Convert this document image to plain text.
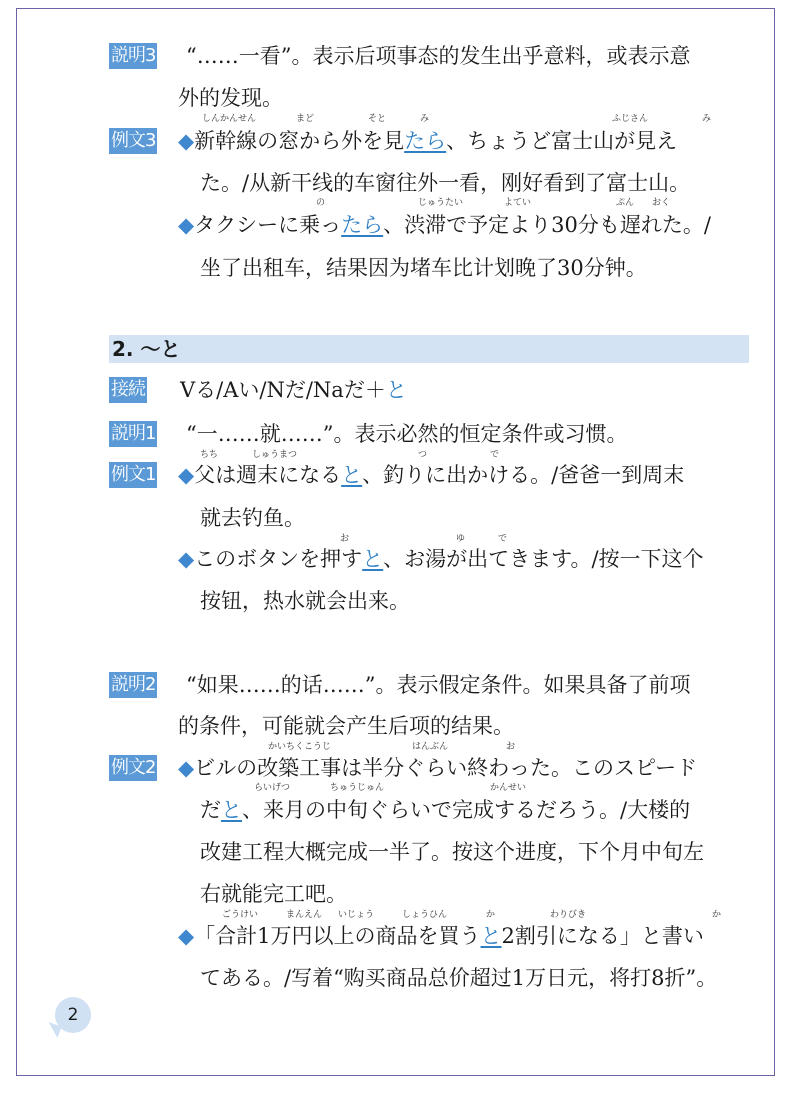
説明3 “……一看”。表示后项事态的发生出乎意料，或表示意
外的发现。
例文3
しんかんせん	まど	そと	み	ふじさん	み
◆新幹線の窓から外を見たら、ちょうど富士山が見え
た。/从新干线的车窗往外一看，刚好看到了富士山。
の	じゅうたい	よてい	ぷん おく
◆タクシーに乗ったら、渋滞で予定より30分も遅れた。/
坐了出租车，结果因为堵车比计划晚了30分钟。
2. ～と
接続 Vる/Aい/Nだ/Naだ＋と
説明1 “一……就……”。表示必然的恒定条件或习惯。
例文1
ちち	しゅうまつ	つ	で
◆父は週末になると、釣りに出かける。/爸爸一到周末
就去钓鱼。
お	ゆ	で
◆このボタンを押すと、お湯が出てきます。/按一下这个
按钮，热水就会出来。
説明2 “如果……的话……”。表示假定条件。如果具备了前项
的条件，可能就会产生后项的结果。
例文2
かいちくこうじ	はんぶん	お
◆ビルの改築工事は半分ぐらい終わった。このスピード
らいげつ	ちゅうじゅん	かんせい
だと、来月の中旬ぐらいで完成するだろう。/大楼的
改建工程大概完成一半了。按这个进度，下个月中旬左
右就能完工吧。
ごうけい	まんえん いじょう	しょうひん	か	わりびき	か
◆「合計1万円以上の商品を買うと2割引になる」と書い
てある。/写着“购买商品总价超过1万日元，将打8折”。
2
